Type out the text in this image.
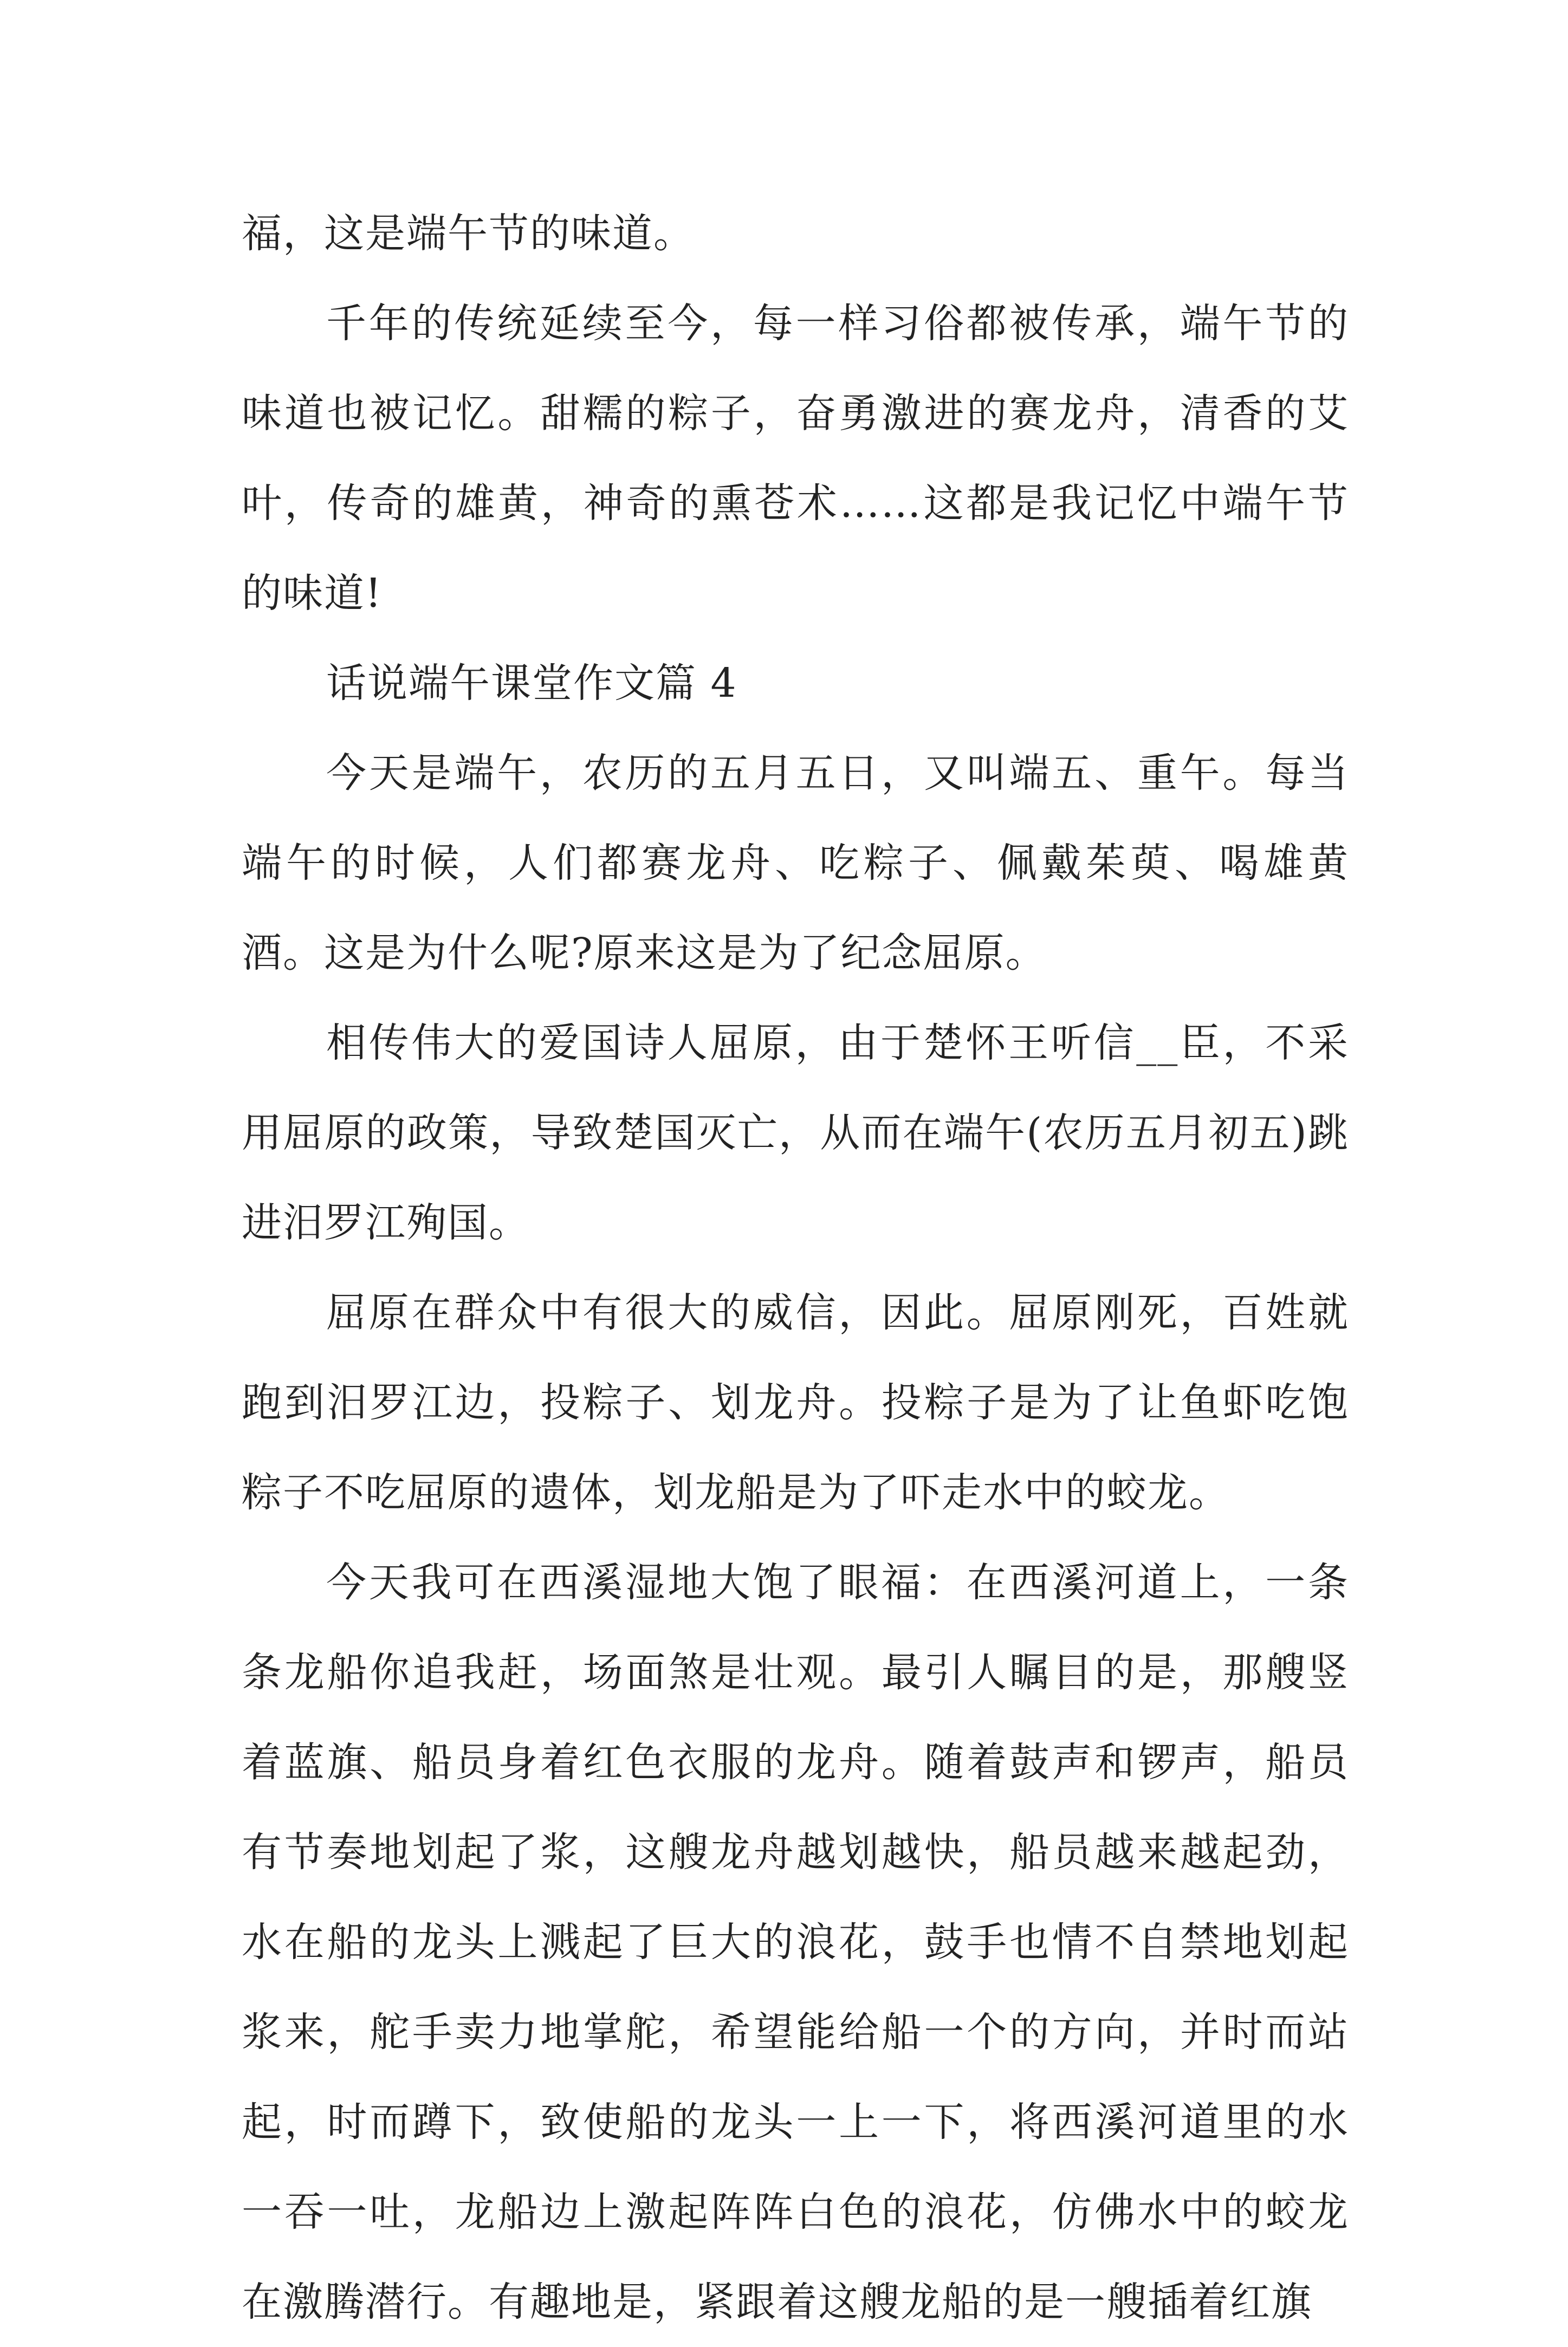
福，这是端午节的味道。

千年的传统延续至今，每一样习俗都被传承，端午节的味道也被记忆。甜糯的粽子，奋勇激进的赛龙舟，清香的艾叶，传奇的雄黄，神奇的熏苍术……这都是我记忆中端午节的味道!

话说端午课堂作文篇 4

今天是端午，农历的五月五日，又叫端五、重午。每当端午的时候，人们都赛龙舟、吃粽子、佩戴茱萸、喝雄黄酒。这是为什么呢?原来这是为了纪念屈原。

相传伟大的爱国诗人屈原，由于楚怀王听信__臣，不采用屈原的政策，导致楚国灭亡，从而在端午(农历五月初五)跳进汨罗江殉国。

屈原在群众中有很大的威信，因此。屈原刚死，百姓就跑到汨罗江边，投粽子、划龙舟。投粽子是为了让鱼虾吃饱粽子不吃屈原的遗体，划龙船是为了吓走水中的蛟龙。

今天我可在西溪湿地大饱了眼福：在西溪河道上，一条条龙船你追我赶，场面煞是壮观。最引人瞩目的是，那艘竖着蓝旗、船员身着红色衣服的龙舟。随着鼓声和锣声，船员有节奏地划起了浆，这艘龙舟越划越快，船员越来越起劲，水在船的龙头上溅起了巨大的浪花，鼓手也情不自禁地划起浆来，舵手卖力地掌舵，希望能给船一个的方向，并时而站起，时而蹲下，致使船的龙头一上一下，将西溪河道里的水一吞一吐，龙船边上激起阵阵白色的浪花，仿佛水中的蛟龙在激腾潜行。有趣地是，紧跟着这艘龙船的是一艘插着红旗
